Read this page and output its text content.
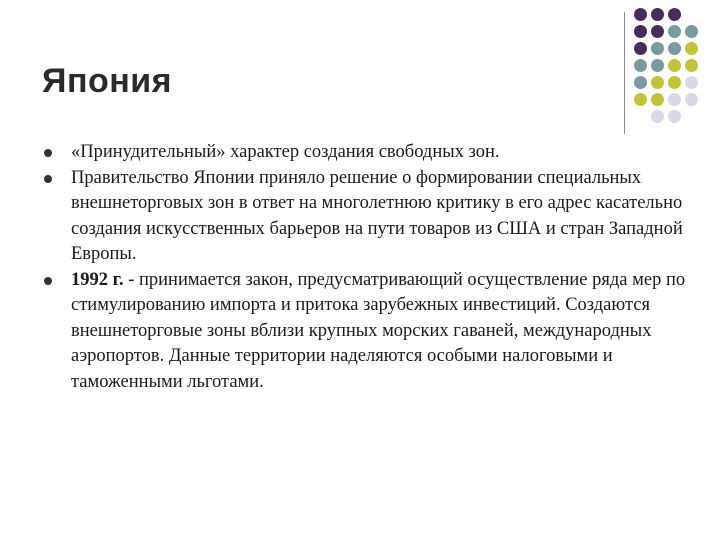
Япония
«Принудительный» характер создания свободных зон.
Правительство Японии приняло решение о формировании специальных внешнеторговых зон в ответ на многолетнюю критику в его адрес касательно создания искусственных барьеров на пути товаров из США и стран Западной Европы.
1992 г. - принимается закон, предусматривающий осуществление ряда мер по стимулированию импорта и притока зарубежных инвестиций. Создаются внешнеторговые зоны вблизи крупных морских гаваней, международных аэропортов. Данные территории наделяются особыми налоговыми и таможенными льготами.
